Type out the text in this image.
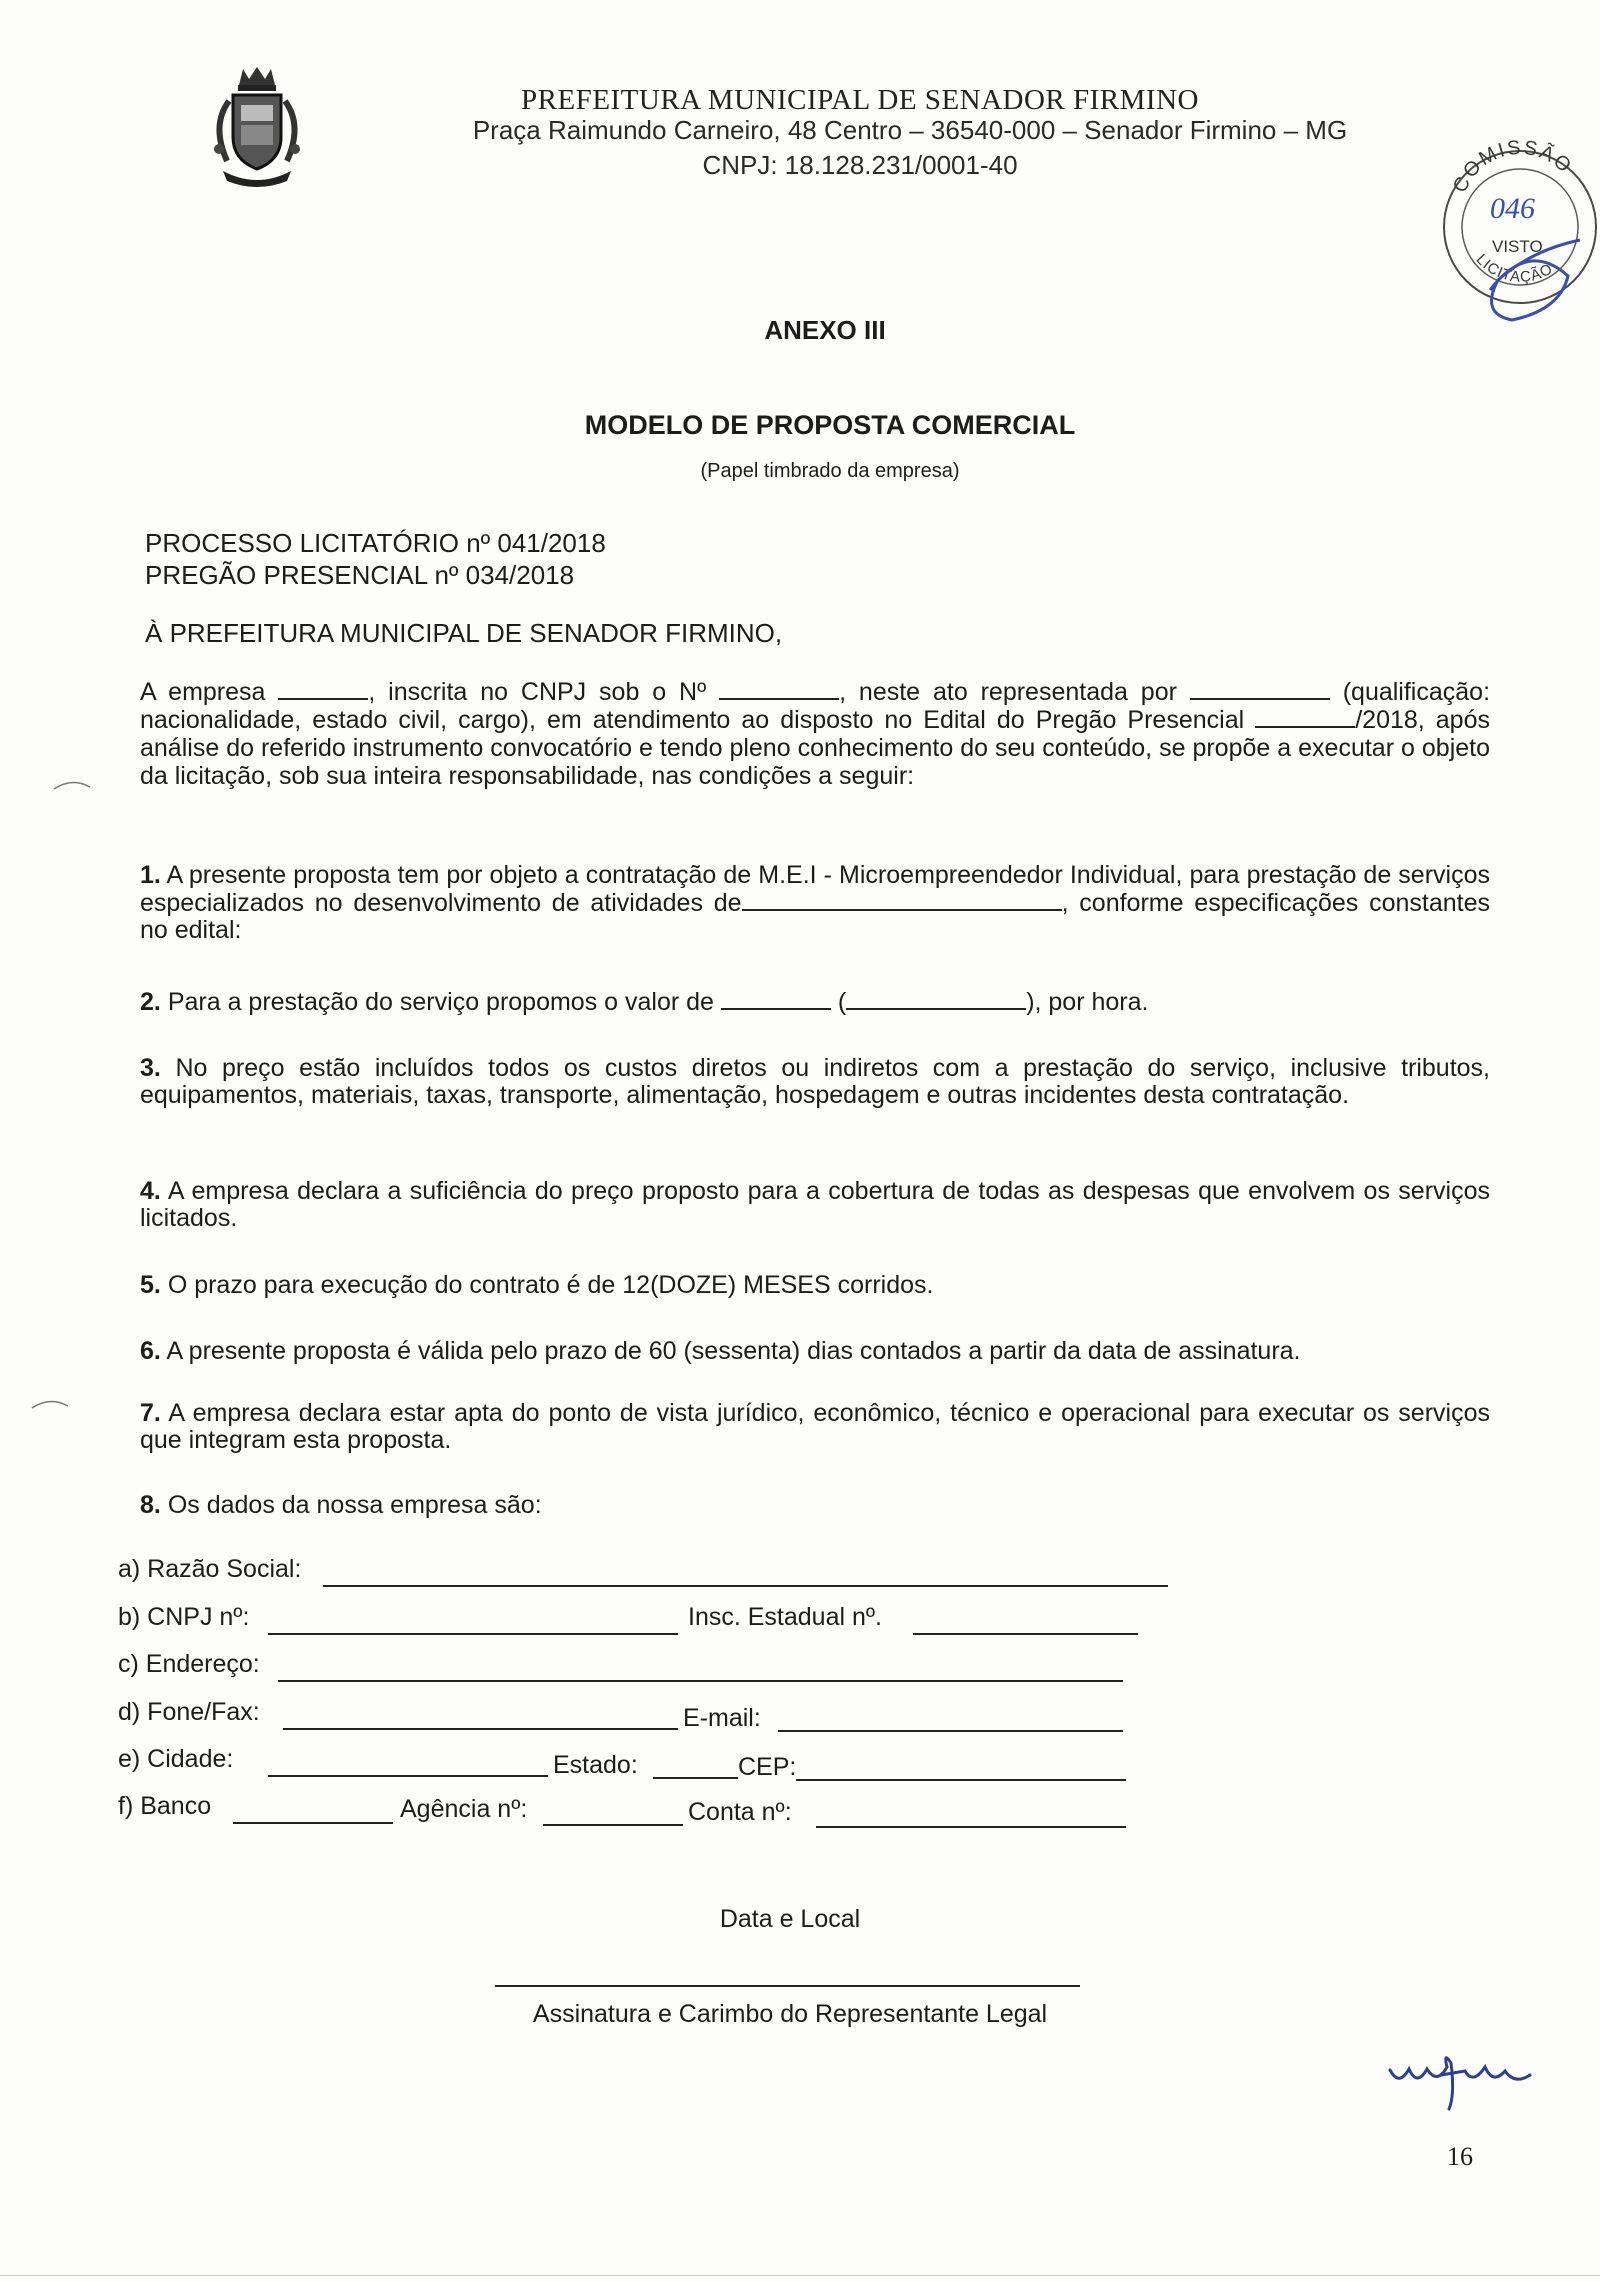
PREFEITURA MUNICIPAL DE SENADOR FIRMINO
Praça Raimundo Carneiro, 48 Centro – 36540-000 – Senador Firmino – MG
CNPJ: 18.128.231/0001-40
COMISSÃO
046
VISTO
LICITAÇÃO
ANEXO III
MODELO DE PROPOSTA COMERCIAL
(Papel timbrado da empresa)
PROCESSO LICITATÓRIO nº 041/2018
PREGÃO PRESENCIAL nº 034/2018
À PREFEITURA MUNICIPAL DE SENADOR FIRMINO,
A empresa	, inscrita no CNPJ sob o Nº	, neste ato representada por	(qualificação: nacionalidade, estado civil, cargo), em atendimento ao disposto no Edital do Pregão Presencial	/2018, após análise do referido instrumento convocatório e tendo pleno conhecimento do seu conteúdo, se propõe a executar o objeto da licitação, sob sua inteira responsabilidade, nas condições a seguir:
1. A presente proposta tem por objeto a contratação de M.E.I - Microempreendedor Individual, para prestação de serviços especializados no desenvolvimento de atividades de	, conforme especificações constantes no edital:
2. Para a prestação do serviço propomos o valor de	(	), por hora.
3. No preço estão incluídos todos os custos diretos ou indiretos com a prestação do serviço, inclusive tributos, equipamentos, materiais, taxas, transporte, alimentação, hospedagem e outras incidentes desta contratação.
4. A empresa declara a suficiência do preço proposto para a cobertura de todas as despesas que envolvem os serviços licitados.
5. O prazo para execução do contrato é de 12(DOZE) MESES corridos.
6. A presente proposta é válida pelo prazo de 60 (sessenta) dias contados a partir da data de assinatura.
7. A empresa declara estar apta do ponto de vista jurídico, econômico, técnico e operacional para executar os serviços que integram esta proposta.
8. Os dados da nossa empresa são:
a) Razão Social:
b) CNPJ nº:	Insc. Estadual nº.
c) Endereço:
d) Fone/Fax:	E-mail:
e) Cidade:	Estado:	CEP:
f) Banco	Agência nº:	Conta nº:
Data e Local
Assinatura e Carimbo do Representante Legal
16
